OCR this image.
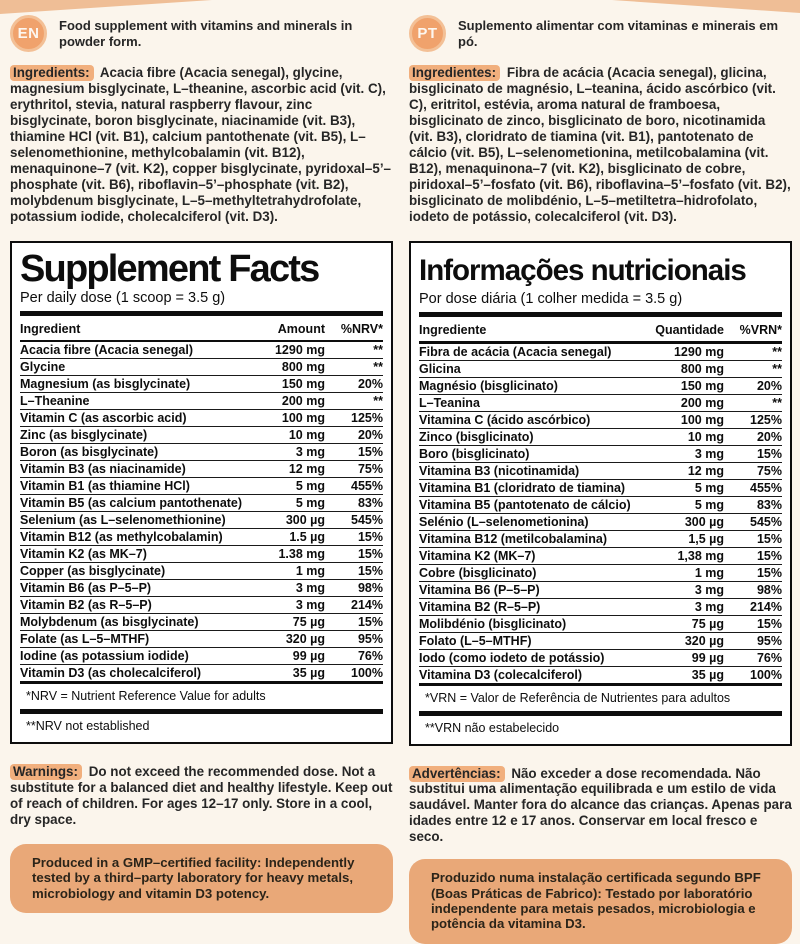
EN	Food supplement with vitamins and minerals in powder form.

Ingredients: Acacia fibre (Acacia senegal), glycine, magnesium bisglycinate, L–theanine, ascorbic acid (vit. C), erythritol, stevia, natural raspberry flavour, zinc bisglycinate, boron bisglycinate, niacinamide (vit. B3), thiamine HCl (vit. B1), calcium pantothenate (vit. B5), L–selenomethionine, methylcobalamin (vit. B12), menaquinone–7 (vit. K2), copper bisglycinate, pyridoxal–5’–phosphate (vit. B6), riboflavin–5’–phosphate (vit. B2), molybdenum bisglycinate, L–5–methyltetrahydrofolate, potassium iodide, cholecalciferol (vit. D3).

Supplement Facts
Per daily dose (1 scoop = 3.5 g)
Ingredient	Amount	%NRV*
Acacia fibre (Acacia senegal)	1290 mg	**
Glycine	800 mg	**
Magnesium (as bisglycinate)	150 mg	20%
L–Theanine	200 mg	**
Vitamin C (as ascorbic acid)	100 mg	125%
Zinc (as bisglycinate)	10 mg	20%
Boron (as bisglycinate)	3 mg	15%
Vitamin B3 (as niacinamide)	12 mg	75%
Vitamin B1 (as thiamine HCl)	5 mg	455%
Vitamin B5 (as calcium pantothenate)	5 mg	83%
Selenium (as L–selenomethionine)	300 µg	545%
Vitamin B12 (as methylcobalamin)	1.5 µg	15%
Vitamin K2 (as MK–7)	1.38 mg	15%
Copper (as bisglycinate)	1 mg	15%
Vitamin B6 (as P–5–P)	3 mg	98%
Vitamin B2 (as R–5–P)	3 mg	214%
Molybdenum (as bisglycinate)	75 µg	15%
Folate (as L–5–MTHF)	320 µg	95%
Iodine (as potassium iodide)	99 µg	76%
Vitamin D3 (as cholecalciferol)	35 µg	100%
*NRV = Nutrient Reference Value for adults
**NRV not established

Warnings: Do not exceed the recommended dose. Not a substitute for a balanced diet and healthy lifestyle. Keep out of reach of children. For ages 12–17 only. Store in a cool, dry space.

Produced in a GMP–certified facility: Independently tested by a third–party laboratory for heavy metals, microbiology and vitamin D3 potency.
PT	Suplemento alimentar com vitaminas e minerais em pó.

Ingredientes: Fibra de acácia (Acacia senegal), glicina, bisglicinato de magnésio, L–teanina, ácido ascórbico (vit. C), eritritol, estévia, aroma natural de framboesa, bisglicinato de zinco, bisglicinato de boro, nicotinamida (vit. B3), cloridrato de tiamina (vit. B1), pantotenato de cálcio (vit. B5), L–selenometionina, metilcobalamina (vit. B12), menaquinona–7 (vit. K2), bisglicinato de cobre, piridoxal–5’–fosfato (vit. B6), riboflavina–5’–fosfato (vit. B2), bisglicinato de molibdénio, L–5–metiltetra–hidrofolato, iodeto de potássio, colecalciferol (vit. D3).

Informações nutricionais
Por dose diária (1 colher medida = 3.5 g)
Ingrediente	Quantidade	%VRN*
Fibra de acácia (Acacia senegal)	1290 mg	**
Glicina	800 mg	**
Magnésio (bisglicinato)	150 mg	20%
L–Teanina	200 mg	**
Vitamina C (ácido ascórbico)	100 mg	125%
Zinco (bisglicinato)	10 mg	20%
Boro (bisglicinato)	3 mg	15%
Vitamina B3 (nicotinamida)	12 mg	75%
Vitamina B1 (cloridrato de tiamina)	5 mg	455%
Vitamina B5 (pantotenato de cálcio)	5 mg	83%
Selénio (L–selenometionina)	300 µg	545%
Vitamina B12 (metilcobalamina)	1,5 µg	15%
Vitamina K2 (MK–7)	1,38 mg	15%
Cobre (bisglicinato)	1 mg	15%
Vitamina B6 (P–5–P)	3 mg	98%
Vitamina B2 (R–5–P)	3 mg	214%
Molibdénio (bisglicinato)	75 µg	15%
Folato (L–5–MTHF)	320 µg	95%
Iodo (como iodeto de potássio)	99 µg	76%
Vitamina D3 (colecalciferol)	35 µg	100%
*VRN = Valor de Referência de Nutrientes para adultos
**VRN não estabelecido

Advertências: Não exceder a dose recomendada. Não substitui uma alimentação equilibrada e um estilo de vida saudável. Manter fora do alcance das crianças. Apenas para idades entre 12 e 17 anos. Conservar em local fresco e seco.

Produzido numa instalação certificada segundo BPF (Boas Práticas de Fabrico): Testado por laboratório independente para metais pesados, microbiologia e potência da vitamina D3.
